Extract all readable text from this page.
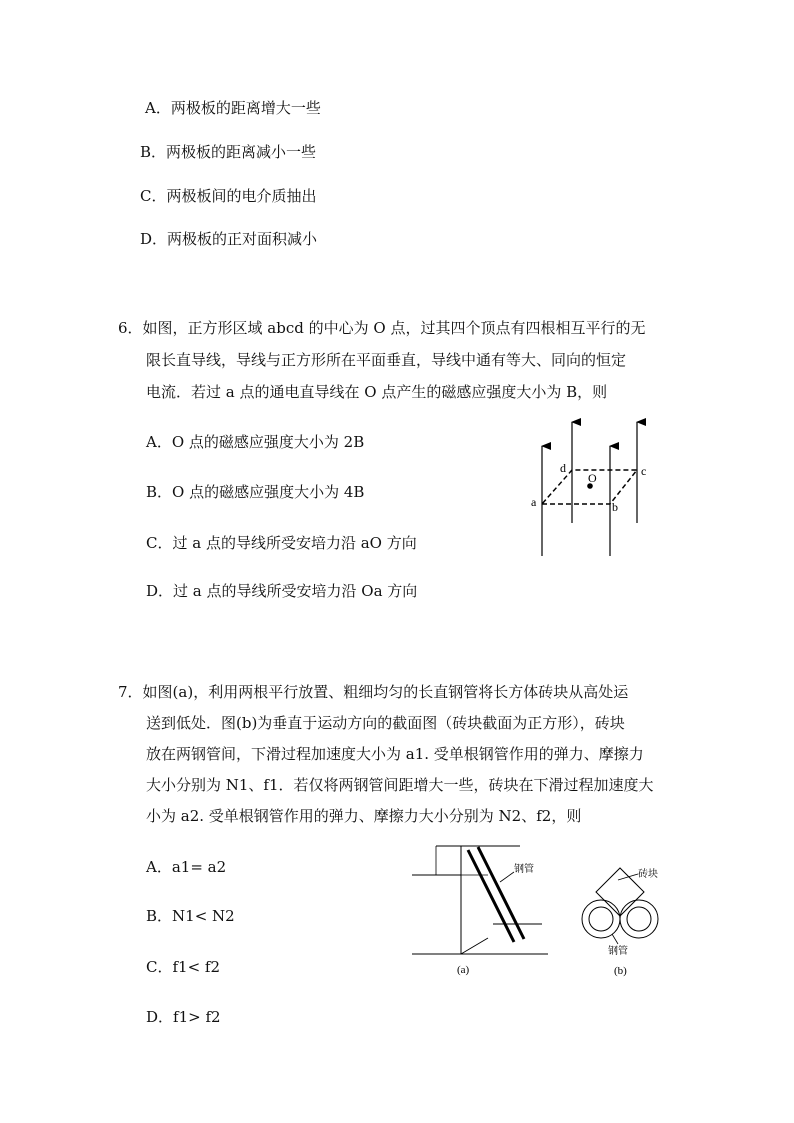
A．两极板的距离增大一些
B．两极板的距离减小一些
C．两极板间的电介质抽出
D．两极板的正对面积减小
6．如图，正方形区域 abcd 的中心为 O 点，过其四个顶点有四根相互平行的无
限长直导线，导线与正方形所在平面垂直，导线中通有等大、同向的恒定
电流．若过 a 点的通电直导线在 O 点产生的磁感应强度大小为 B，则
A．O 点的磁感应强度大小为 2B
B．O 点的磁感应强度大小为 4B
C．过 a 点的导线所受安培力沿 aO 方向
D．过 a 点的导线所受安培力沿 Oa 方向
O
a	b
c
d
7．如图(a)，利用两根平行放置、粗细均匀的长直钢管将长方体砖块从高处运
送到低处．图(b)为垂直于运动方向的截面图（砖块截面为正方形），砖块
放在两钢管间，下滑过程加速度大小为 a1. 受单根钢管作用的弹力、摩擦力
大小分别为 N1、f1．若仅将两钢管间距增大一些，砖块在下滑过程加速度大
小为 a2. 受单根钢管作用的弹力、摩擦力大小分别为 N2、f2，则
A．a1= a2
B．N1< N2
C．f1< f2
D．f1> f2
钢管
(a)
砖块
钢管
(b)
